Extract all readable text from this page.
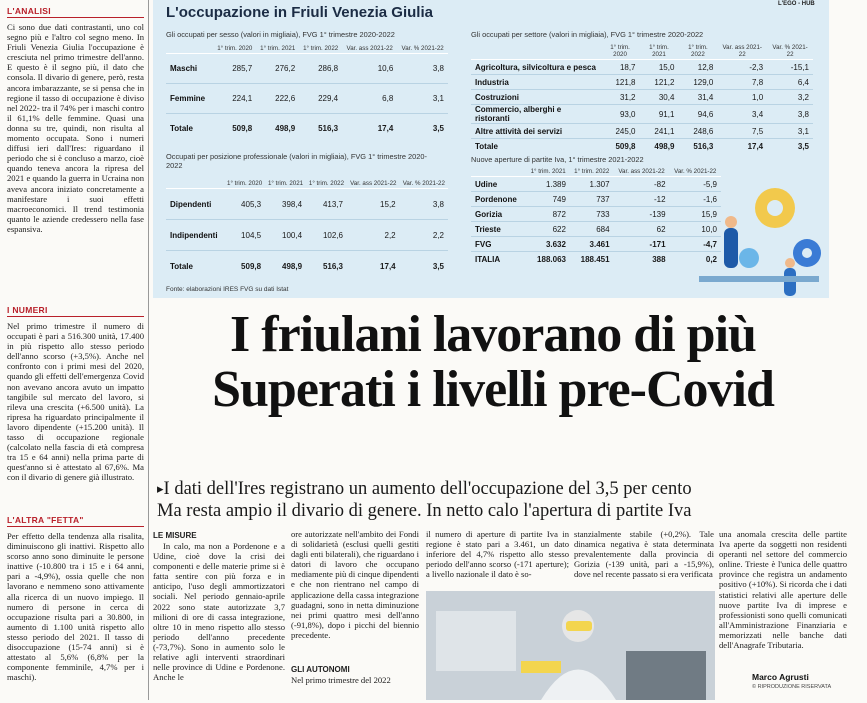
L'ANALISI
Ci sono due dati contrastanti, uno col segno più e l'altro col segno meno. In Friuli Venezia Giulia l'occupazione è cresciuta nel primo trimestre dell'anno. E questo è il segno più, il dato che consola. Il divario di genere, però, resta ancora imbarazzante, se si pensa che in regione il tasso di occupazione è diviso nel 2022- tra il 74% per i maschi contro il 61,1% delle femmine. Quasi una donna su tre, quindi, non risulta al momento occupata. Sono i numeri diffusi ieri dall'Ires: riguardano il periodo che si è concluso a marzo, cioè quando teneva ancora la ripresa del 2021 e quando la guerra in Ucraina non aveva ancora iniziato concretamente a manifestare i suoi effetti macroeconomici. Il trend testimonia quanto le aziende credessero nella fase espansiva.
I NUMERI
Nel primo trimestre il numero di occupati è pari a 516.300 unità, 17.400 in più rispetto allo stesso periodo dell'anno scorso (+3,5%). Anche nel confronto con i primi mesi del 2020, quando gli effetti dell'emergenza Covid non avevano ancora avuto un impatto tangibile sul mercato del lavoro, si rileva una crescita (+6.500 unità). La ripresa ha riguardato principalmente il lavoro dipendente (+15.200 unità). Il tasso di occupazione regionale (calcolato nella fascia di età compresa tra 15 e 64 anni) nella prima parte di quest'anno si è attestato al 67,6%. Ma con il divario di genere già illustrato.
L'ALTRA "FETTA"
Per effetto della tendenza alla risalita, diminuiscono gli inattivi. Rispetto allo scorso anno sono diminuite le persone inattive (-10.800 tra i 15 e i 64 anni, pari a -4,9%), ossia quelle che non lavorano e nemmeno sono attivamente alla ricerca di un nuovo impiego. Il numero di persone in cerca di occupazione risulta pari a 30.800, in aumento di 1.100 unità rispetto allo stesso periodo del 2021. Il tasso di disoccupazione (15-74 anni) si è attestato al 5,6% (6,8% per la componente femminile, 4,7% per i maschi).
L'occupazione in Friuli Venezia Giulia	L'EGO - HUB
Gli occupati per sesso (valori in migliaia), FVG 1° trimestre 2020-2022
	1° trim. 2020	1° trim. 2021	1° trim. 2022	Var. ass 2021-22	Var. % 2021-22
Maschi	285,7	276,2	286,8	10,6	3,8
Femmine	224,1	222,6	229,4	6,8	3,1
Totale	509,8	498,9	516,3	17,4	3,5
Occupati per posizione professionale (valori in migliaia), FVG 1° trimestre 2020-2022
	1° trim. 2020	1° trim. 2021	1° trim. 2022	Var. ass 2021-22	Var. % 2021-22
Dipendenti	405,3	398,4	413,7	15,2	3,8
Indipendenti	104,5	100,4	102,6	2,2	2,2
Totale	509,8	498,9	516,3	17,4	3,5
Gli occupati per settore (valori in migliaia), FVG 1° trimestre 2020-2022
	1° trim. 2020	1° trim. 2021	1° trim. 2022	Var. ass 2021-22	Var. % 2021-22
Agricoltura, silvicoltura e pesca	18,7	15,0	12,8	-2,3	-15,1
Industria	121,8	121,2	129,0	7,8	6,4
Costruzioni	31,2	30,4	31,4	1,0	3,2
Commercio, alberghi e ristoranti	93,0	91,1	94,6	3,4	3,8
Altre attività dei servizi	245,0	241,1	248,6	7,5	3,1
Totale	509,8	498,9	516,3	17,4	3,5
Nuove aperture di partite Iva, 1° trimestre 2021-2022
	1° trim. 2021	1° trim. 2022	Var. ass 2021-22	Var. % 2021-22
Udine	1.389	1.307	-82	-5,9
Pordenone	749	737	-12	-1,6
Gorizia	872	733	-139	15,9
Trieste	622	684	62	10,0
FVG	3.632	3.461	-171	-4,7
ITALIA	188.063	188.451	388	0,2
Fonte: elaborazioni IRES FVG su dati Istat
I friulani lavorano di più
Superati i livelli pre-Covid
▸I dati dell'Ires registrano un aumento dell'occupazione del 3,5 per cento
Ma resta ampio il divario di genere. In netto calo l'apertura di partite Iva
LE MISURE
In calo, ma non a Pordenone e a Udine, cioè dove la crisi dei componenti e delle materie prime si è fatta sentire con più forza e in anticipo, l'uso degli ammortizzatori sociali. Nel periodo gennaio-aprile 2022 sono state autorizzate 3,7 milioni di ore di cassa integrazione, oltre 10 in meno rispetto allo stesso periodo dell'anno precedente (-73,7%). Sono in aumento solo le relative agli interventi straordinari nelle province di Udine e Pordenone. Anche le
ore autorizzate nell'ambito dei Fondi di solidarietà (esclusi quelli gestiti dagli enti bilaterali), che riguardano i datori di lavoro che occupano mediamente più di cinque dipendenti e che non rientrano nel campo di applicazione della cassa integrazione guadagni, sono in netta diminuzione nei primi quattro mesi dell'anno (-91,8%), dopo i picchi del biennio precedente.
GLI AUTONOMI
Nel primo trimestre del 2022
il numero di aperture di partite Iva in regione è stato pari a 3.461, un dato inferiore del 4,7% rispetto allo stesso periodo dell'anno scorso (-171 aperture); a livello nazionale il dato è so-
stanzialmente stabile (+0,2%). Tale dinamica negativa è stata determinata prevalentemente dalla provincia di Gorizia (-139 unità, pari a -15,9%), dove nel recente passato si era verificata
una anomala crescita delle partite Iva aperte da soggetti non residenti operanti nel settore del commercio online. Trieste è l'unica delle quattro province che registra un andamento positivo (+10%). Si ricorda che i dati statistici relativi alle aperture delle nuove partite Iva di imprese e professionisti sono quelli comunicati all'Amministrazione Finanziaria e memorizzati nelle banche dati dell'Anagrafe Tributaria.
Marco Agrusti
© RIPRODUZIONE RISERVATA
